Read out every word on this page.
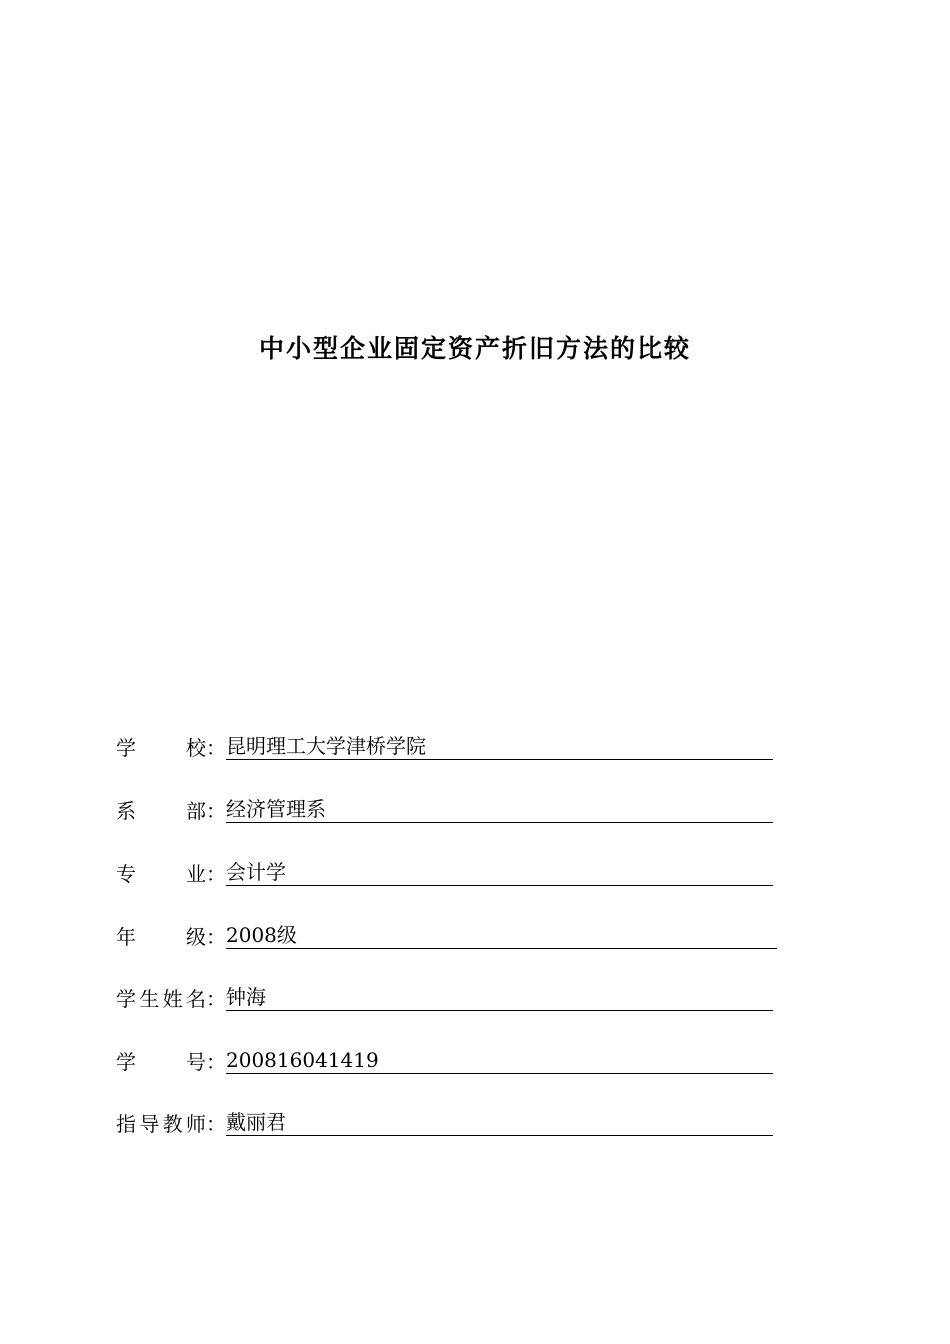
中小型企业固定资产折旧方法的比较
学	校 ： 昆明理工大学津桥学院
系	部 ： 经济管理系
专	业 ： 会计学
年	级 ： 2008级
学 生 姓 名 ： 钟海
学	号 ： 200816041419
指 导 教 师 ： 戴丽君
